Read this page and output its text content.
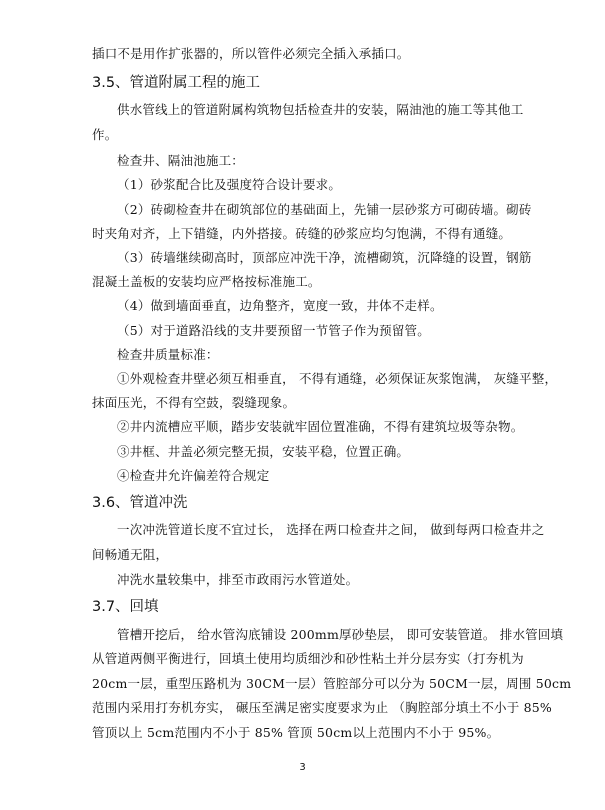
插口不是用作扩张器的，所以管件必须完全插入承插口。
3.5、管道附属工程的施工
供水管线上的管道附属构筑物包括检查井的安装，隔油池的施工等其他工
作。
检查井、隔油池施工：
（1）砂浆配合比及强度符合设计要求。
（2）砖砌检查井在砌筑部位的基础面上，先铺一层砂浆方可砌砖墙。砌砖
时夹角对齐，上下错缝，内外搭接。砖缝的砂浆应均匀饱满，不得有通缝。
（3）砖墙继续砌高时，顶部应冲洗干净，流槽砌筑，沉降缝的设置，钢筋
混凝土盖板的安装均应严格按标准施工。
（4）做到墙面垂直，边角整齐，宽度一致，井体不走样。
（5）对于道路沿线的支井要预留一节管子作为预留管。
检查井质量标准：
①外观检查井壁必须互相垂直， 不得有通缝，必须保证灰浆饱满， 灰缝平整，
抹面压光，不得有空鼓，裂缝现象。
②井内流槽应平顺，踏步安装就牢固位置准确，不得有建筑垃圾等杂物。
③井框、井盖必须完整无损，安装平稳，位置正确。
④检查井允许偏差符合规定
3.6、管道冲洗
一次冲洗管道长度不宜过长， 选择在两口检查井之间， 做到每两口检查井之
间畅通无阻，
冲洗水量较集中，排至市政雨污水管道处。
3.7、回填
管槽开挖后， 给水管沟底铺设 200mm厚砂垫层， 即可安装管道。 排水管回填
从管道两侧平衡进行，回填土使用均质细沙和砂性粘土并分层夯实（打夯机为
20cm一层，重型压路机为 30CM一层）管腔部分可以分为 50CM一层，周围 50cm
范围内采用打夯机夯实， 碾压至满足密实度要求为止 （胸腔部分填土不小于 85%
管顶以上 5cm范围内不小于 85% 管顶 50cm以上范围内不小于 95%。
3
